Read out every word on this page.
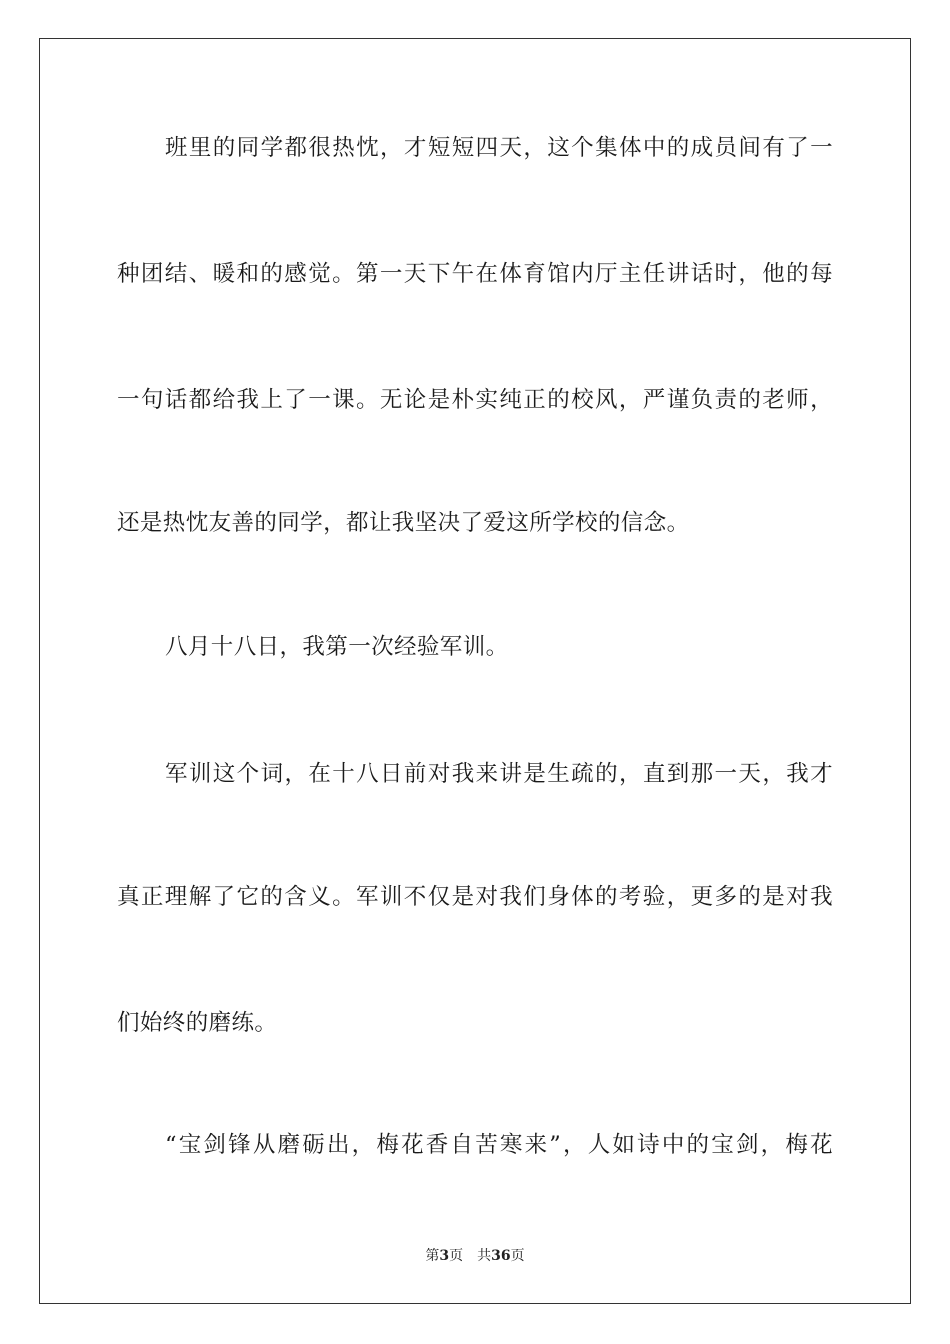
班里的同学都很热忱，才短短四天，这个集体中的成员间有了一
种团结、暖和的感觉。第一天下午在体育馆内厅主任讲话时，他的每
一句话都给我上了一课。无论是朴实纯正的校风，严谨负责的老师，
还是热忱友善的同学，都让我坚决了爱这所学校的信念。
八月十八日，我第一次经验军训。
军训这个词，在十八日前对我来讲是生疏的，直到那一天，我才
真正理解了它的含义。军训不仅是对我们身体的考验，更多的是对我
们始终的磨练。
“宝剑锋从磨砺出，梅花香自苦寒来”，人如诗中的宝剑，梅花
第3页 共36页
